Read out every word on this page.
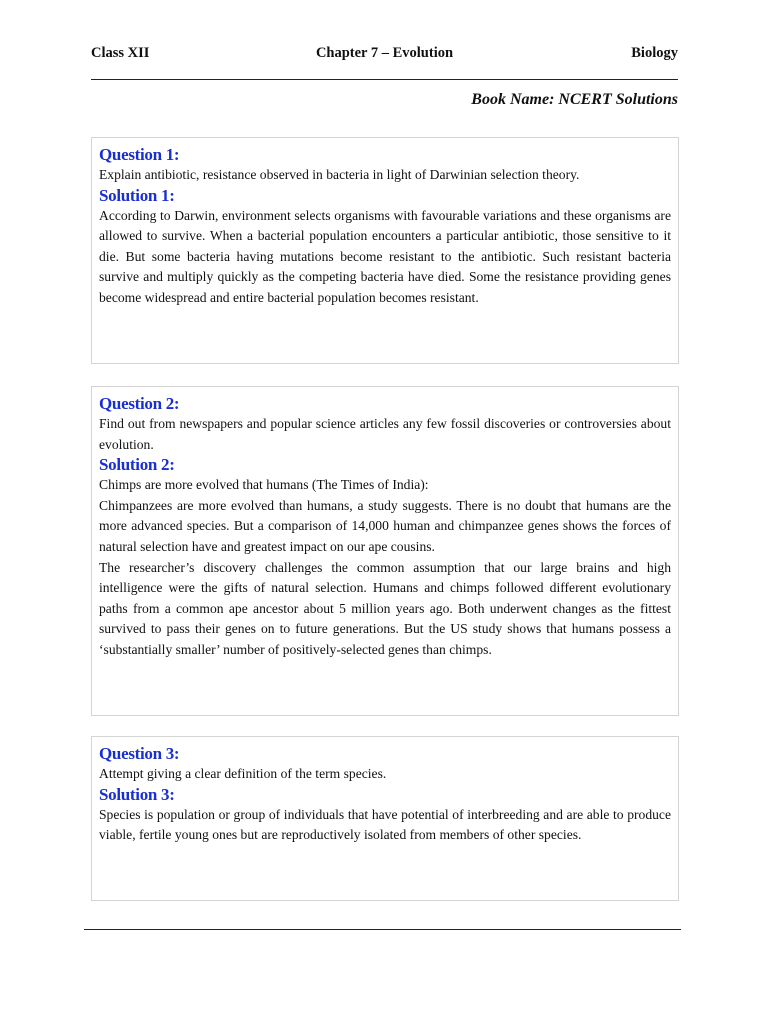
Class XII	Chapter 7 – Evolution	Biology
Book Name: NCERT Solutions
Question 1:
Explain antibiotic, resistance observed in bacteria in light of Darwinian selection theory.
Solution 1:

According to Darwin, environment selects organisms with favourable variations and these organisms are allowed to survive. When a bacterial population encounters a particular antibiotic, those sensitive to it die. But some bacteria having mutations become resistant to the antibiotic. Such resistant bacteria survive and multiply quickly as the competing bacteria have died. Some the resistance providing genes become widespread and entire bacterial population becomes resistant.

Question 2:
Find out from newspapers and popular science articles any few fossil discoveries or controversies about evolution.
Solution 2:

Chimps are more evolved that humans (The Times of India):

Chimpanzees are more evolved than humans, a study suggests. There is no doubt that humans are the more advanced species. But a comparison of 14,000 human and chimpanzee genes shows the forces of natural selection have and greatest impact on our ape cousins.

The researcher’s discovery challenges the common assumption that our large brains and high intelligence were the gifts of natural selection. Humans and chimps followed different evolutionary paths from a common ape ancestor about 5 million years ago. Both underwent changes as the fittest survived to pass their genes on to future generations. But the US study shows that humans possess a ‘substantially smaller’ number of positively-selected genes than chimps.

Question 3:
Attempt giving a clear definition of the term species.
Solution 3:

Species is population or group of individuals that have potential of interbreeding and are able to produce viable, fertile young ones but are reproductively isolated from members of other species.
